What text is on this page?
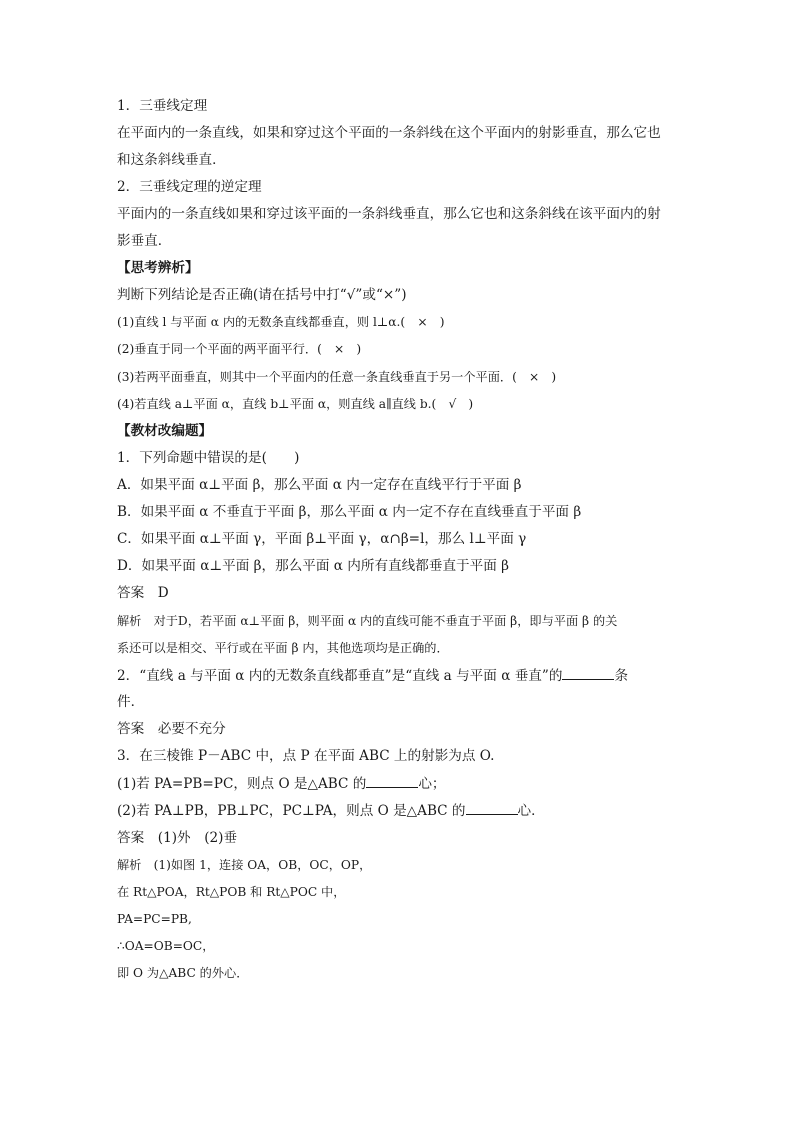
1．三垂线定理
在平面内的一条直线，如果和穿过这个平面的一条斜线在这个平面内的射影垂直，那么它也
和这条斜线垂直．
2．三垂线定理的逆定理
平面内的一条直线如果和穿过该平面的一条斜线垂直，那么它也和这条斜线在该平面内的射
影垂直．
【思考辨析】
判断下列结论是否正确(请在括号中打“√”或“×”)
(1)直线 l 与平面 α 内的无数条直线都垂直，则 l⊥α.(　×　)
(2)垂直于同一个平面的两平面平行．(　×　)
(3)若两平面垂直，则其中一个平面内的任意一条直线垂直于另一个平面．(　×　)
(4)若直线 a⊥平面 α，直线 b⊥平面 α，则直线 a∥直线 b.(　√　)
【教材改编题】
1．下列命题中错误的是(　　)
A．如果平面 α⊥平面 β，那么平面 α 内一定存在直线平行于平面 β
B．如果平面 α 不垂直于平面 β，那么平面 α 内一定不存在直线垂直于平面 β
C．如果平面 α⊥平面 γ，平面 β⊥平面 γ，α∩β=l，那么 l⊥平面 γ
D．如果平面 α⊥平面 β，那么平面 α 内所有直线都垂直于平面 β
答案  D
解析  对于D，若平面 α⊥平面 β，则平面 α 内的直线可能不垂直于平面 β，即与平面 β 的关
系还可以是相交、平行或在平面 β 内，其他选项均是正确的．
2．“直线 a 与平面 α 内的无数条直线都垂直”是“直线 a 与平面 α 垂直”的	条
件．
答案  必要不充分
3．在三棱锥 P－ABC 中，点 P 在平面 ABC 上的射影为点 O.
(1)若 PA=PB=PC，则点 O 是△ABC 的	心；
(2)若 PA⊥PB，PB⊥PC，PC⊥PA，则点 O 是△ABC 的	心．
答案  (1)外　(2)垂
解析  (1)如图 1，连接 OA，OB，OC，OP，
在 Rt△POA，Rt△POB 和 Rt△POC 中，
PA=PC=PB,
∴OA=OB=OC，
即 O 为△ABC 的外心．
